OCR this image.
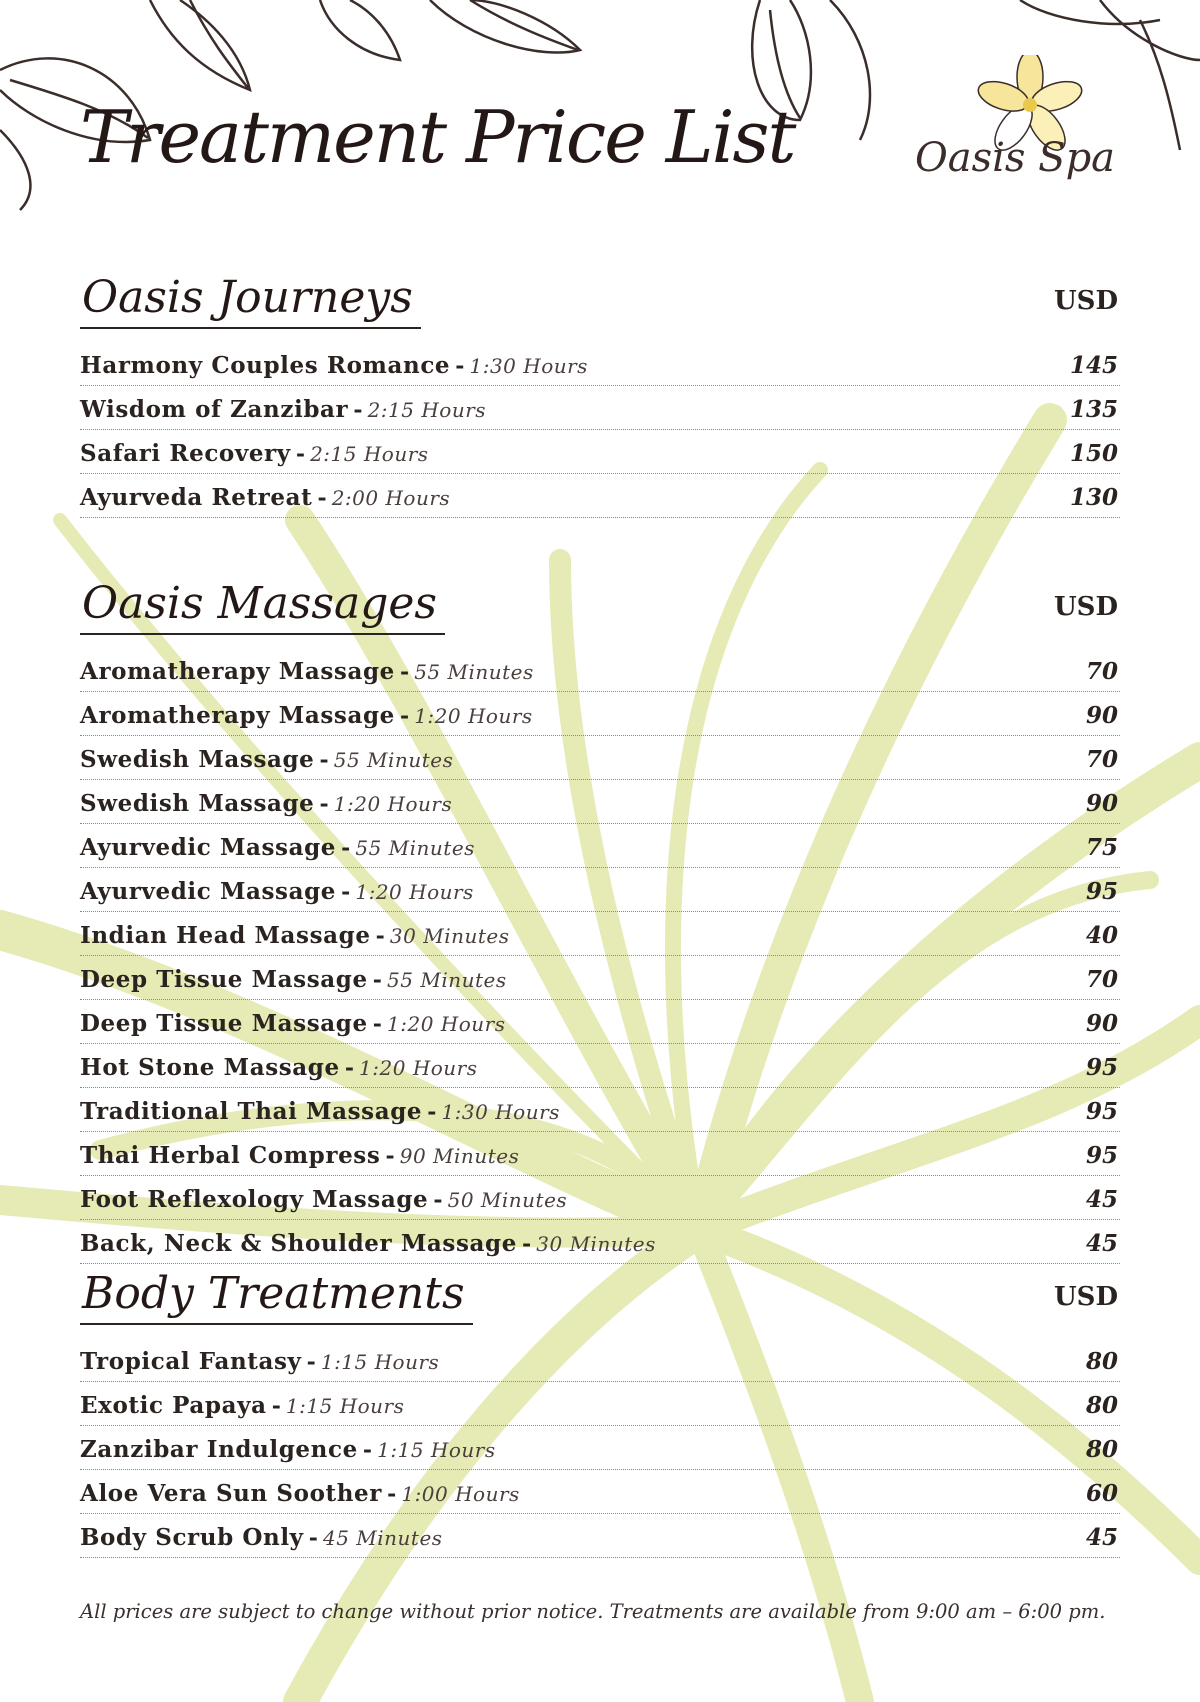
Treatment Price List	Oasis Spa
Oasis Journeys	USD
Harmony Couples Romance - 1:30 Hours	145
Wisdom of Zanzibar - 2:15 Hours	135
Safari Recovery - 2:15 Hours	150
Ayurveda Retreat - 2:00 Hours	130
Oasis Massages	USD
Aromatherapy Massage - 55 Minutes	70
Aromatherapy Massage - 1:20 Hours	90
Swedish Massage - 55 Minutes	70
Swedish Massage - 1:20 Hours	90
Ayurvedic Massage - 55 Minutes	75
Ayurvedic Massage - 1:20 Hours	95
Indian Head Massage - 30 Minutes	40
Deep Tissue Massage - 55 Minutes	70
Deep Tissue Massage - 1:20 Hours	90
Hot Stone Massage - 1:20 Hours	95
Traditional Thai Massage - 1:30 Hours	95
Thai Herbal Compress - 90 Minutes	95
Foot Reflexology Massage - 50 Minutes	45
Back, Neck & Shoulder Massage - 30 Minutes	45
Body Treatments	USD
Tropical Fantasy - 1:15 Hours	80
Exotic Papaya - 1:15 Hours	80
Zanzibar Indulgence - 1:15 Hours	80
Aloe Vera Sun Soother - 1:00 Hours	60
Body Scrub Only - 45 Minutes	45
All prices are subject to change without prior notice. Treatments are available from 9:00 am – 6:00 pm.
